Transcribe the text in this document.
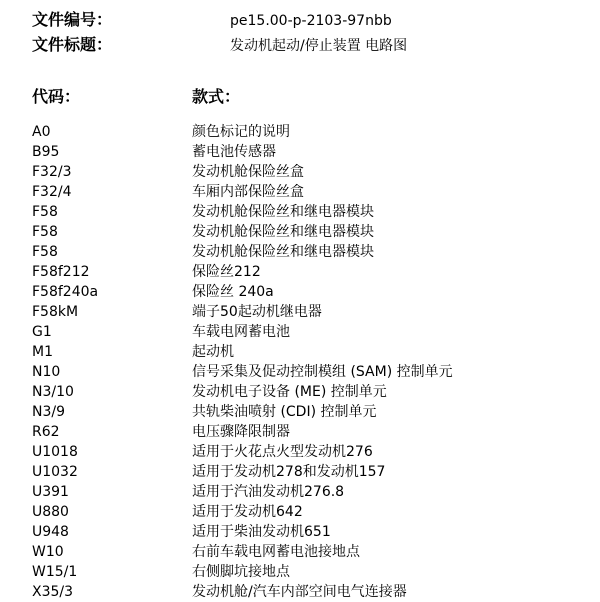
文件编号：	pe15.00-p-2103-97nbb
文件标题：	发动机起动/停止装置 电路图
代码：	款式：
A0	颜色标记的说明
B95	蓄电池传感器
F32/3	发动机舱保险丝盒
F32/4	车厢内部保险丝盒
F58	发动机舱保险丝和继电器模块
F58	发动机舱保险丝和继电器模块
F58	发动机舱保险丝和继电器模块
F58f212	保险丝212
F58f240a	保险丝 240a
F58kM	端子50起动机继电器
G1	车载电网蓄电池
M1	起动机
N10	信号采集及促动控制模组 (SAM) 控制单元
N3/10	发动机电子设备 (ME) 控制单元
N3/9	共轨柴油喷射 (CDI) 控制单元
R62	电压骤降限制器
U1018	适用于火花点火型发动机276
U1032	适用于发动机278和发动机157
U391	适用于汽油发动机276.8
U880	适用于发动机642
U948	适用于柴油发动机651
W10	右前车载电网蓄电池接地点
W15/1	右侧脚坑接地点
X35/3	发动机舱/汽车内部空间电气连接器
